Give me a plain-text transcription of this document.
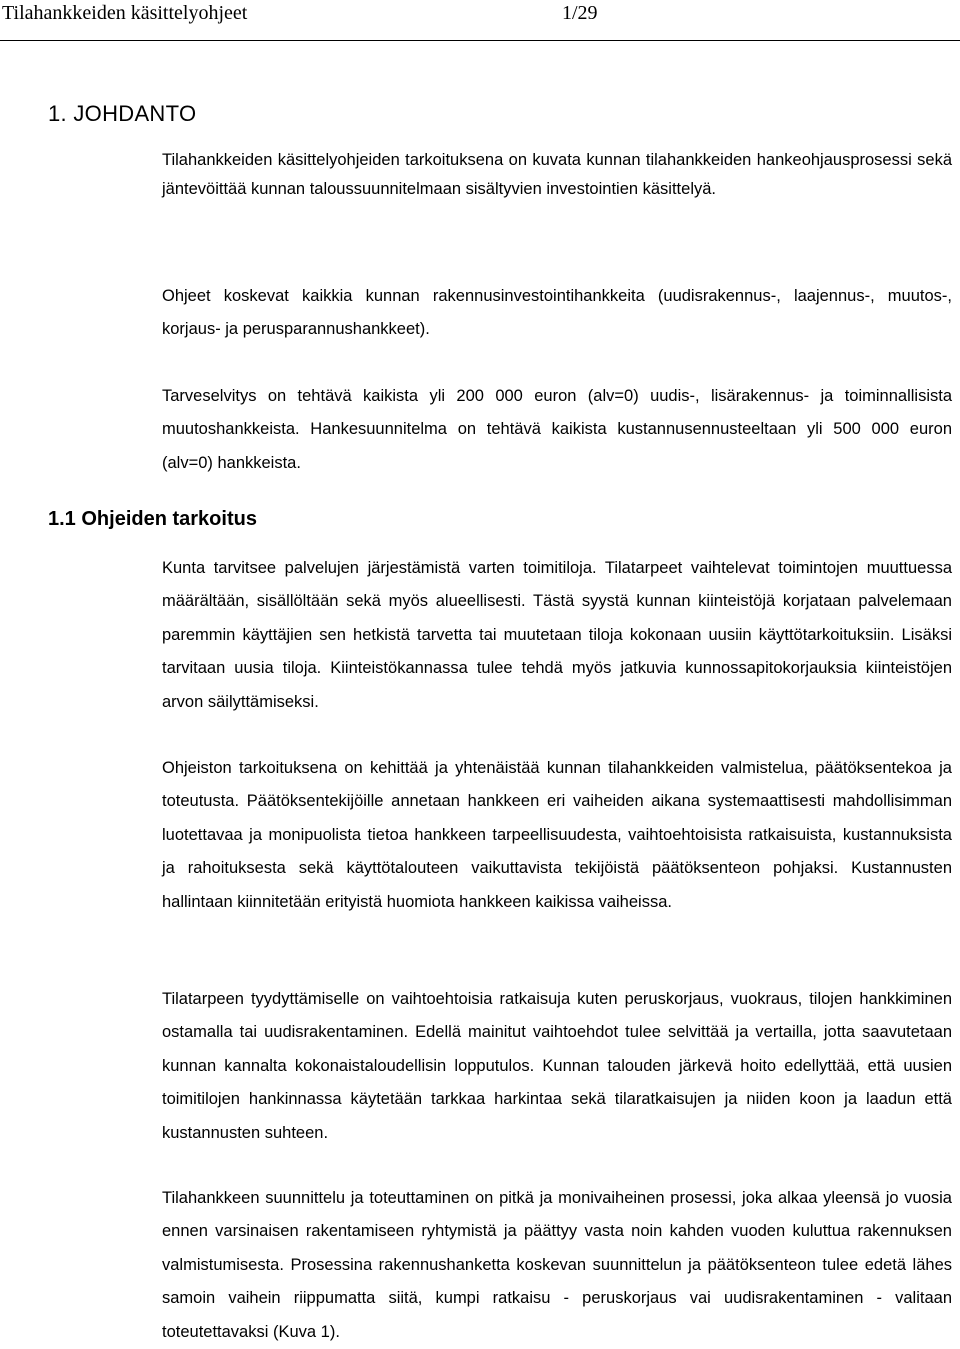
Tilahankkeiden käsittelyohjeet	1/29
1. JOHDANTO

Tilahankkeiden käsittelyohjeiden tarkoituksena on kuvata kunnan tilahankkeiden hankeohjausprosessi sekä jäntevöittää kunnan taloussuunnitelmaan sisältyvien investointien käsittelyä.

Ohjeet koskevat kaikkia kunnan rakennusinvestointihankkeita (uudisrakennus-, laajennus-, muutos-, korjaus- ja perusparannushankkeet).

Tarveselvitys on tehtävä kaikista yli 200 000 euron (alv=0) uudis-, lisärakennus- ja toiminnallisista muutoshankkeista. Hankesuunnitelma on tehtävä kaikista kustannusennusteeltaan yli 500 000 euron (alv=0) hankkeista.

1.1 Ohjeiden tarkoitus

Kunta tarvitsee palvelujen järjestämistä varten toimitiloja. Tilatarpeet vaihtelevat toimintojen muuttuessa määrältään, sisällöltään sekä myös alueellisesti. Tästä syystä kunnan kiinteistöjä korjataan palvelemaan paremmin käyttäjien sen hetkistä tarvetta tai muutetaan tiloja kokonaan uusiin käyttötarkoituksiin. Lisäksi tarvitaan uusia tiloja. Kiinteistökannassa tulee tehdä myös jatkuvia kunnossapitokorjauksia kiinteistöjen arvon säilyttämiseksi.

Ohjeiston tarkoituksena on kehittää ja yhtenäistää kunnan tilahankkeiden valmistelua, päätöksentekoa ja toteutusta. Päätöksentekijöille annetaan hankkeen eri vaiheiden aikana systemaattisesti mahdollisimman luotettavaa ja monipuolista tietoa hankkeen tarpeellisuudesta, vaihtoehtoisista ratkaisuista, kustannuksista ja rahoituksesta sekä käyttötalouteen vaikuttavista tekijöistä päätöksenteon pohjaksi. Kustannusten hallintaan kiinnitetään erityistä huomiota hankkeen kaikissa vaiheissa.

Tilatarpeen tyydyttämiselle on vaihtoehtoisia ratkaisuja kuten peruskorjaus, vuokraus, tilojen hankkiminen ostamalla tai uudisrakentaminen. Edellä mainitut vaihtoehdot tulee selvittää ja vertailla, jotta saavutetaan kunnan kannalta kokonaistaloudellisin lopputulos. Kunnan talouden järkevä hoito edellyttää, että uusien toimitilojen hankinnassa käytetään tarkkaa harkintaa sekä tilaratkaisujen ja niiden koon ja laadun että kustannusten suhteen.

Tilahankkeen suunnittelu ja toteuttaminen on pitkä ja monivaiheinen prosessi, joka alkaa yleensä jo vuosia ennen varsinaisen rakentamiseen ryhtymistä ja päättyy vasta noin kahden vuoden kuluttua rakennuksen valmistumisesta. Prosessina rakennushanketta koskevan suunnittelun ja päätöksenteon tulee edetä lähes samoin vaihein riippumatta siitä, kumpi ratkaisu - peruskorjaus vai uudisrakentaminen - valitaan toteutettavaksi (Kuva 1).
